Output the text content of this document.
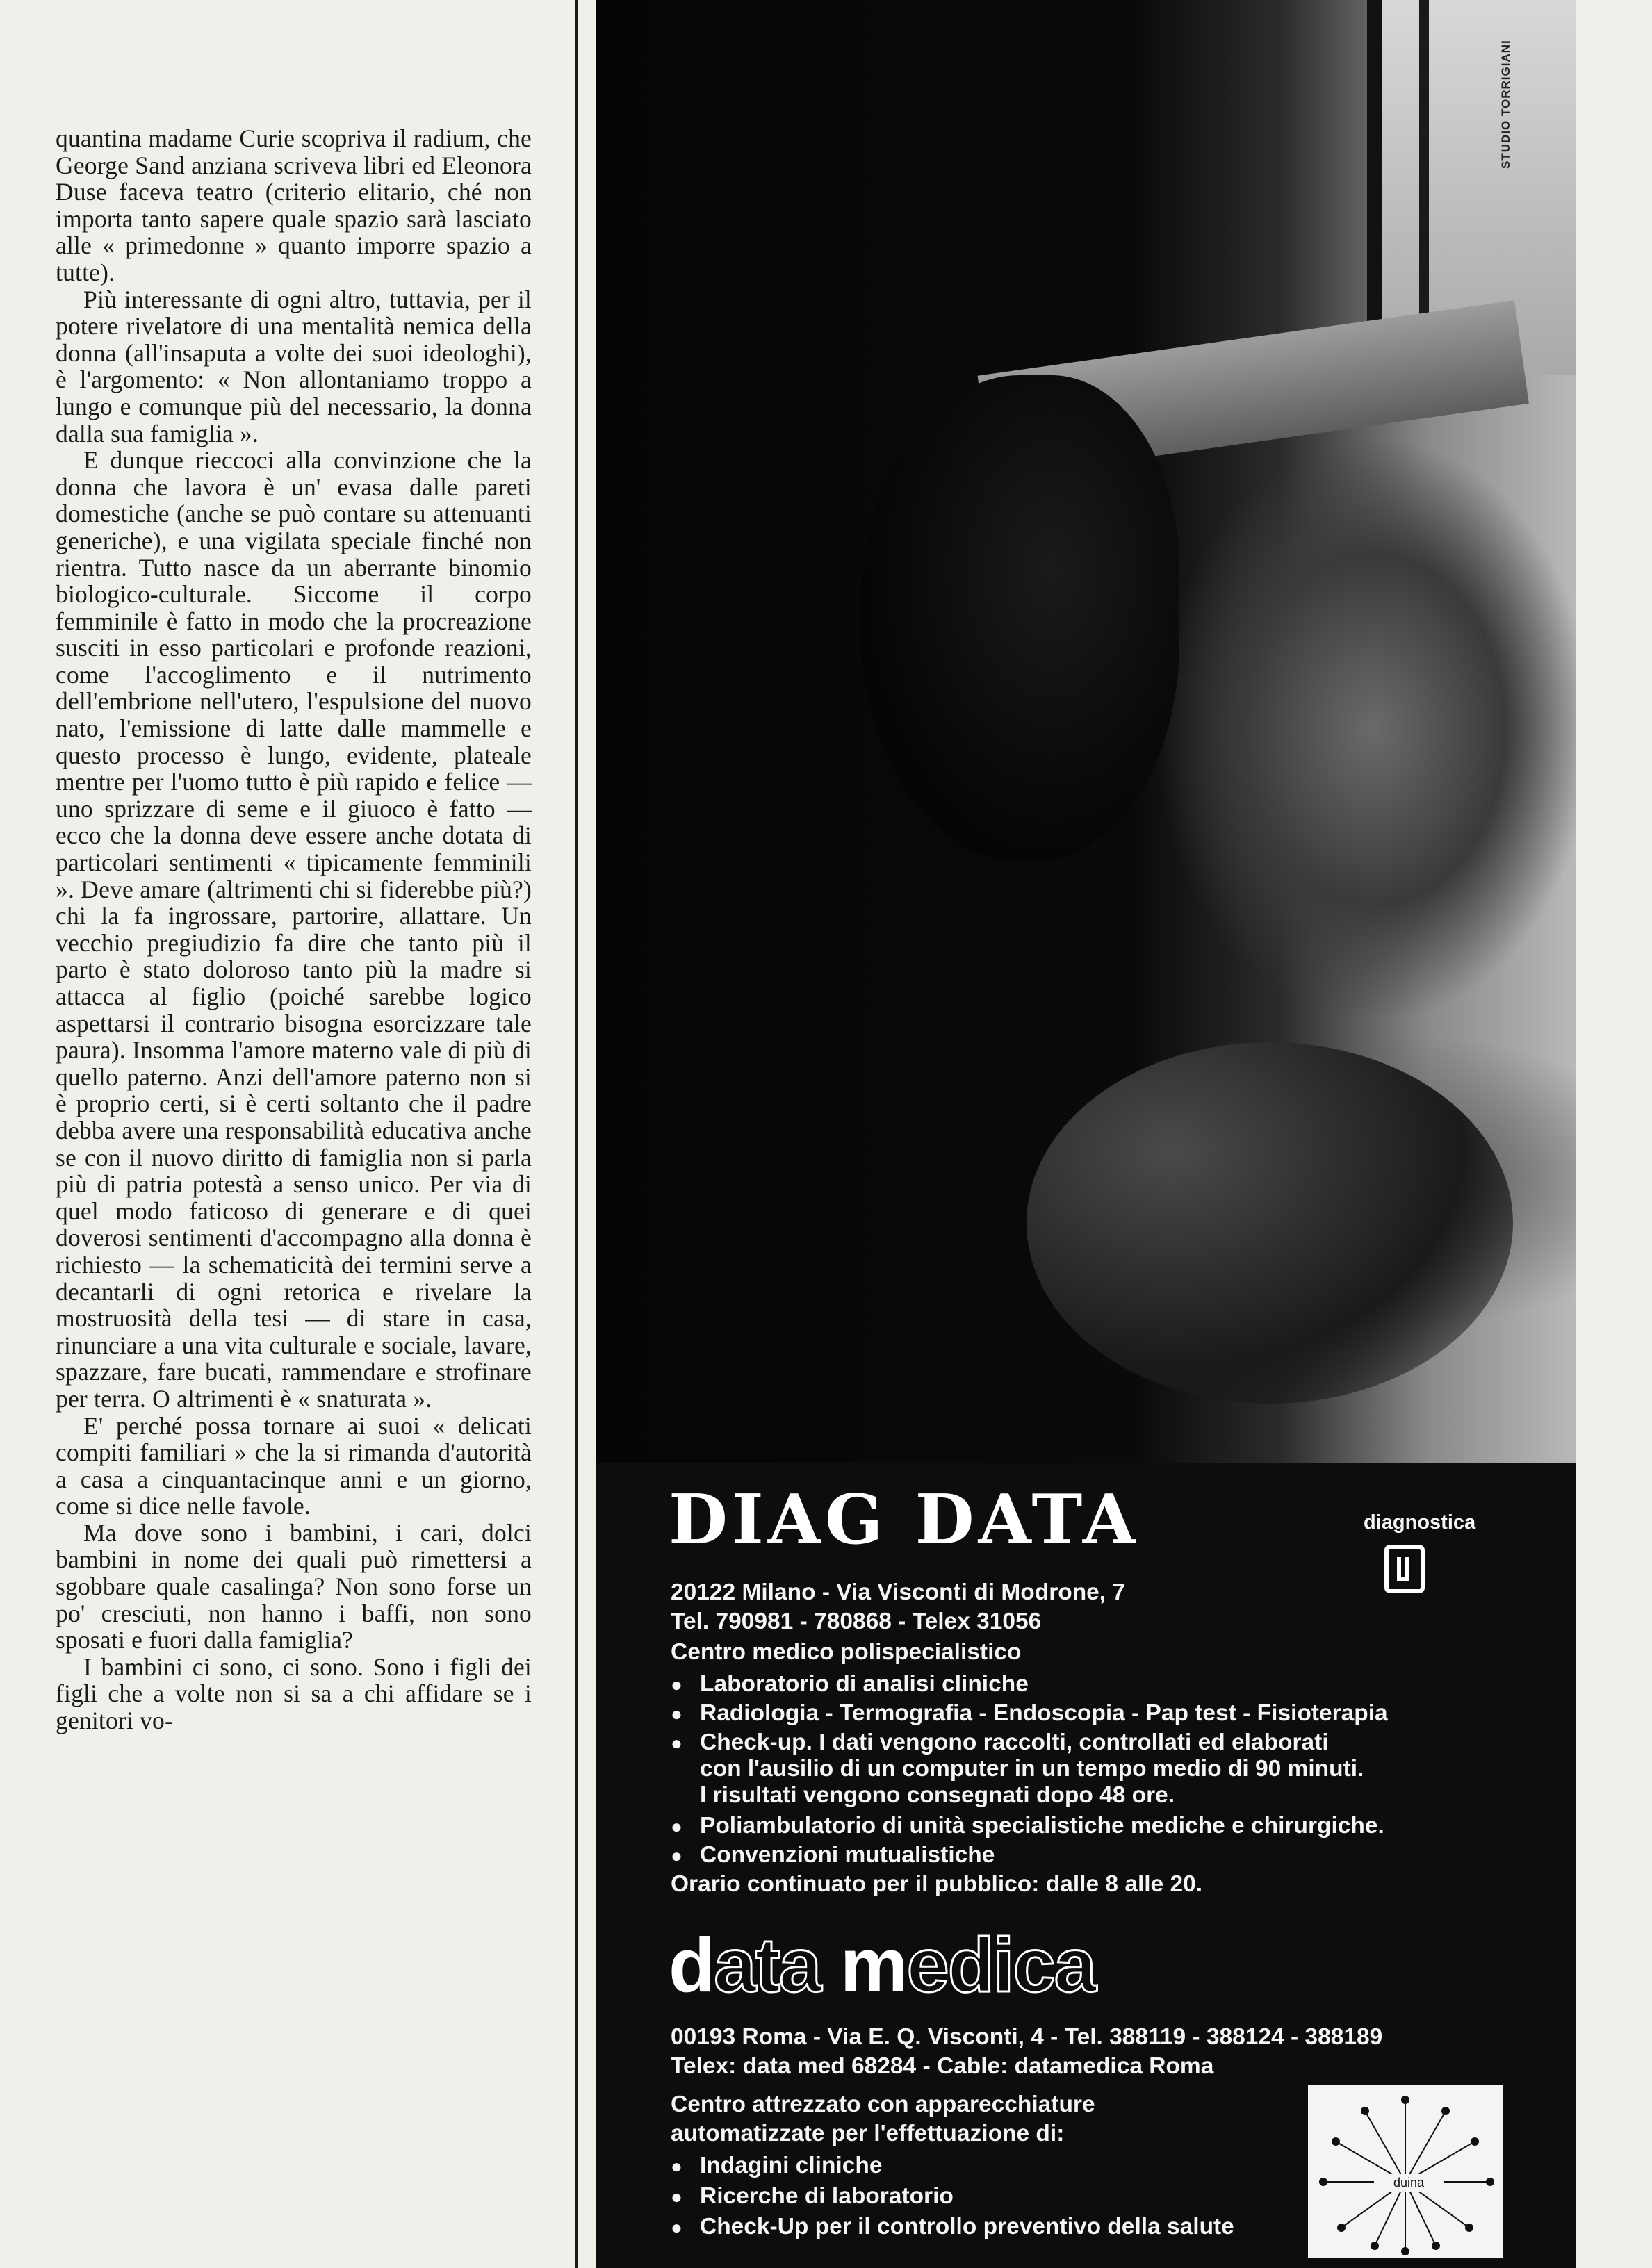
quantina madame Curie scopriva il radium, che George Sand anziana scriveva libri ed Eleonora Duse faceva teatro (criterio elitario, ché non importa tanto sapere quale spazio sarà lasciato alle « primedonne » quanto imporre spazio a tutte).

Più interessante di ogni altro, tuttavia, per il potere rivelatore di una mentalità nemica della donna (all'insaputa a volte dei suoi ideologhi), è l'argomento: « Non allontaniamo troppo a lungo e comunque più del necessario, la donna dalla sua famiglia ».

E dunque rieccoci alla convinzione che la donna che lavora è un' evasa dalle pareti domestiche (anche se può contare su attenuanti generiche), e una vigilata speciale finché non rientra. Tutto nasce da un aberrante binomio biologico-culturale. Siccome il corpo femminile è fatto in modo che la procreazione susciti in esso particolari e profonde reazioni, come l'accoglimento e il nutrimento dell'embrione nell'utero, l'espulsione del nuovo nato, l'emissione di latte dalle mammelle e questo processo è lungo, evidente, plateale mentre per l'uomo tutto è più rapido e felice — uno sprizzare di seme e il giuoco è fatto — ecco che la donna deve essere anche dotata di particolari sentimenti « tipicamente femminili ». Deve amare (altrimenti chi si fiderebbe più?) chi la fa ingrossare, partorire, allattare. Un vecchio pregiudizio fa dire che tanto più il parto è stato doloroso tanto più la madre si attacca al figlio (poiché sarebbe logico aspettarsi il contrario bisogna esorcizzare tale paura). Insomma l'amore materno vale di più di quello paterno. Anzi dell'amore paterno non si è proprio certi, si è certi soltanto che il padre debba avere una responsabilità educativa anche se con il nuovo diritto di famiglia non si parla più di patria potestà a senso unico. Per via di quel modo faticoso di generare e di quei doverosi sentimenti d'accompagno alla donna è richiesto — la schematicità dei termini serve a decantarli di ogni retorica e rivelare la mostruosità della tesi — di stare in casa, rinunciare a una vita culturale e sociale, lavare, spazzare, fare bucati, rammendare e strofinare per terra. O altrimenti è « snaturata ».

E' perché possa tornare ai suoi « delicati compiti familiari » che la si rimanda d'autorità a casa a cinquantacinque anni e un giorno, come si dice nelle favole.

Ma dove sono i bambini, i cari, dolci bambini in nome dei quali può rimettersi a sgobbare quale casalinga? Non sono forse un po' cresciuti, non hanno i baffi, non sono sposati e fuori dalla famiglia?

I bambini ci sono, ci sono. Sono i figli dei figli che a volte non si sa a chi affidare se i genitori vo-

STUDIO TORRIGIANI
DIAG DATA	diagnostica
20122 Milano - Via Visconti di Modrone, 7
Tel. 790981 - 780868 - Telex 31056
Centro medico polispecialistico
● Laboratorio di analisi cliniche
● Radiologia - Termografia - Endoscopia - Pap test - Fisioterapia
● Check-up. I dati vengono raccolti, controllati ed elaborati
con l'ausilio di un computer in un tempo medio di 90 minuti.
I risultati vengono consegnati dopo 48 ore.
● Poliambulatorio di unità specialistiche mediche e chirurgiche.
● Convenzioni mutualistiche
Orario continuato per il pubblico: dalle 8 alle 20.
data medica
00193 Roma - Via E. Q. Visconti, 4 - Tel. 388119 - 388124 - 388189
Telex: data med 68284 - Cable: datamedica Roma
Centro attrezzato con apparecchiature
automatizzate per l'effettuazione di:
● Indagini cliniche
● Ricerche di laboratorio
● Check-Up per il controllo preventivo della salute
duina
